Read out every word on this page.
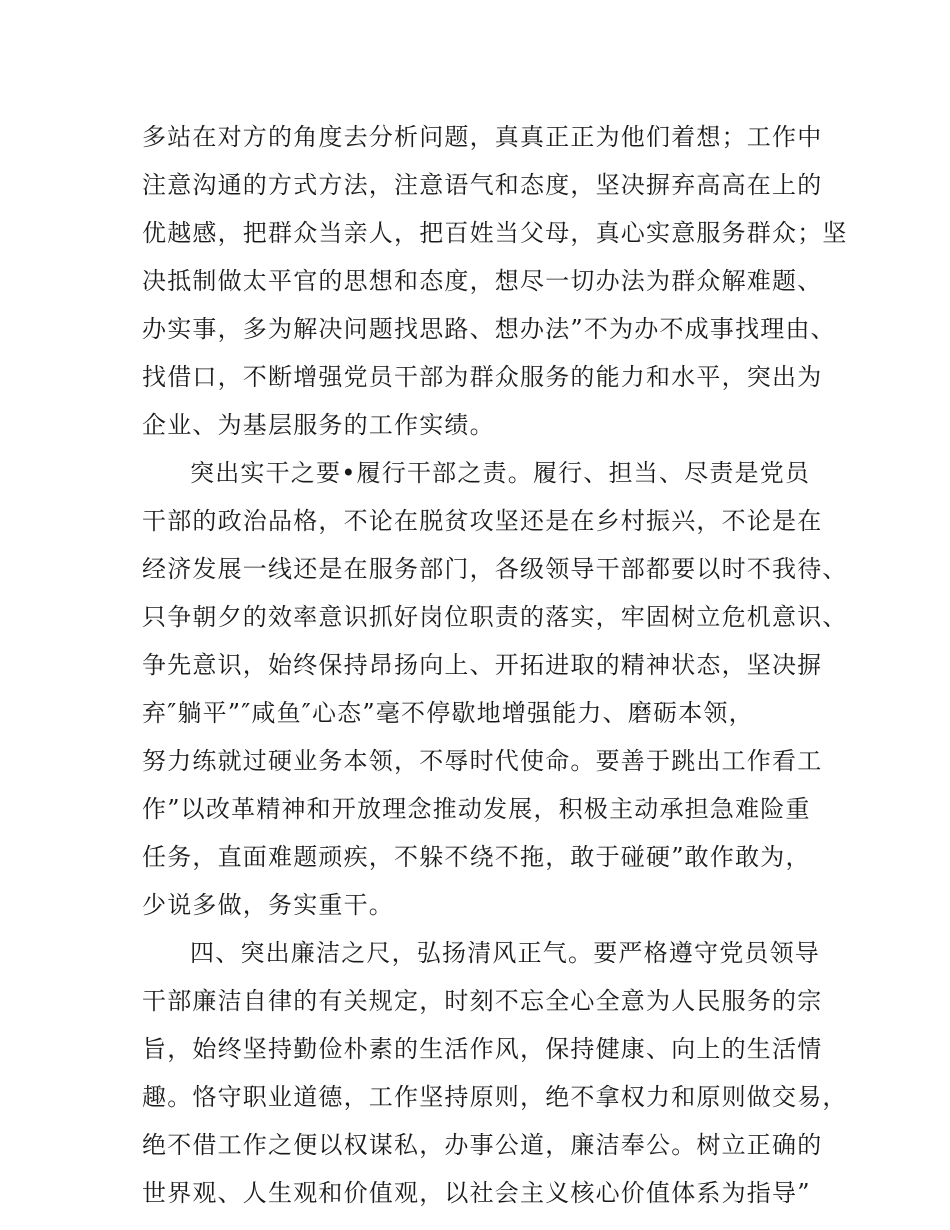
多站在对方的角度去分析问题，真真正正为他们着想；工作中
注意沟通的方式方法，注意语气和态度，坚决摒弃高高在上的
优越感，把群众当亲人，把百姓当父母，真心实意服务群众；坚
决抵制做太平官的思想和态度，想尽一切办法为群众解难题、
办实事，多为解决问题找思路、想办法”不为办不成事找理由、
找借口，不断增强党员干部为群众服务的能力和水平，突出为
企业、为基层服务的工作实绩。
突出实干之要•履行干部之责。履行、担当、尽责是党员
干部的政治品格，不论在脱贫攻坚还是在乡村振兴，不论是在
经济发展一线还是在服务部门，各级领导干部都要以时不我待、
只争朝夕的效率意识抓好岗位职责的落实，牢固树立危机意识、
争先意识，始终保持昂扬向上、开拓进取的精神状态，坚决摒
弃″躺平”″咸鱼″心态”毫不停歇地增强能力、磨砺本领，
努力练就过硬业务本领，不辱时代使命。要善于跳出工作看工
作”以改革精神和开放理念推动发展，积极主动承担急难险重
任务，直面难题顽疾，不躲不绕不拖，敢于碰硬”敢作敢为，
少说多做，务实重干。
四、突出廉洁之尺，弘扬清风正气。要严格遵守党员领导
干部廉洁自律的有关规定，时刻不忘全心全意为人民服务的宗
旨，始终坚持勤俭朴素的生活作风，保持健康、向上的生活情
趣。恪守职业道德，工作坚持原则，绝不拿权力和原则做交易，
绝不借工作之便以权谋私，办事公道，廉洁奉公。树立正确的
世界观、人生观和价值观，以社会主义核心价值体系为指导”
